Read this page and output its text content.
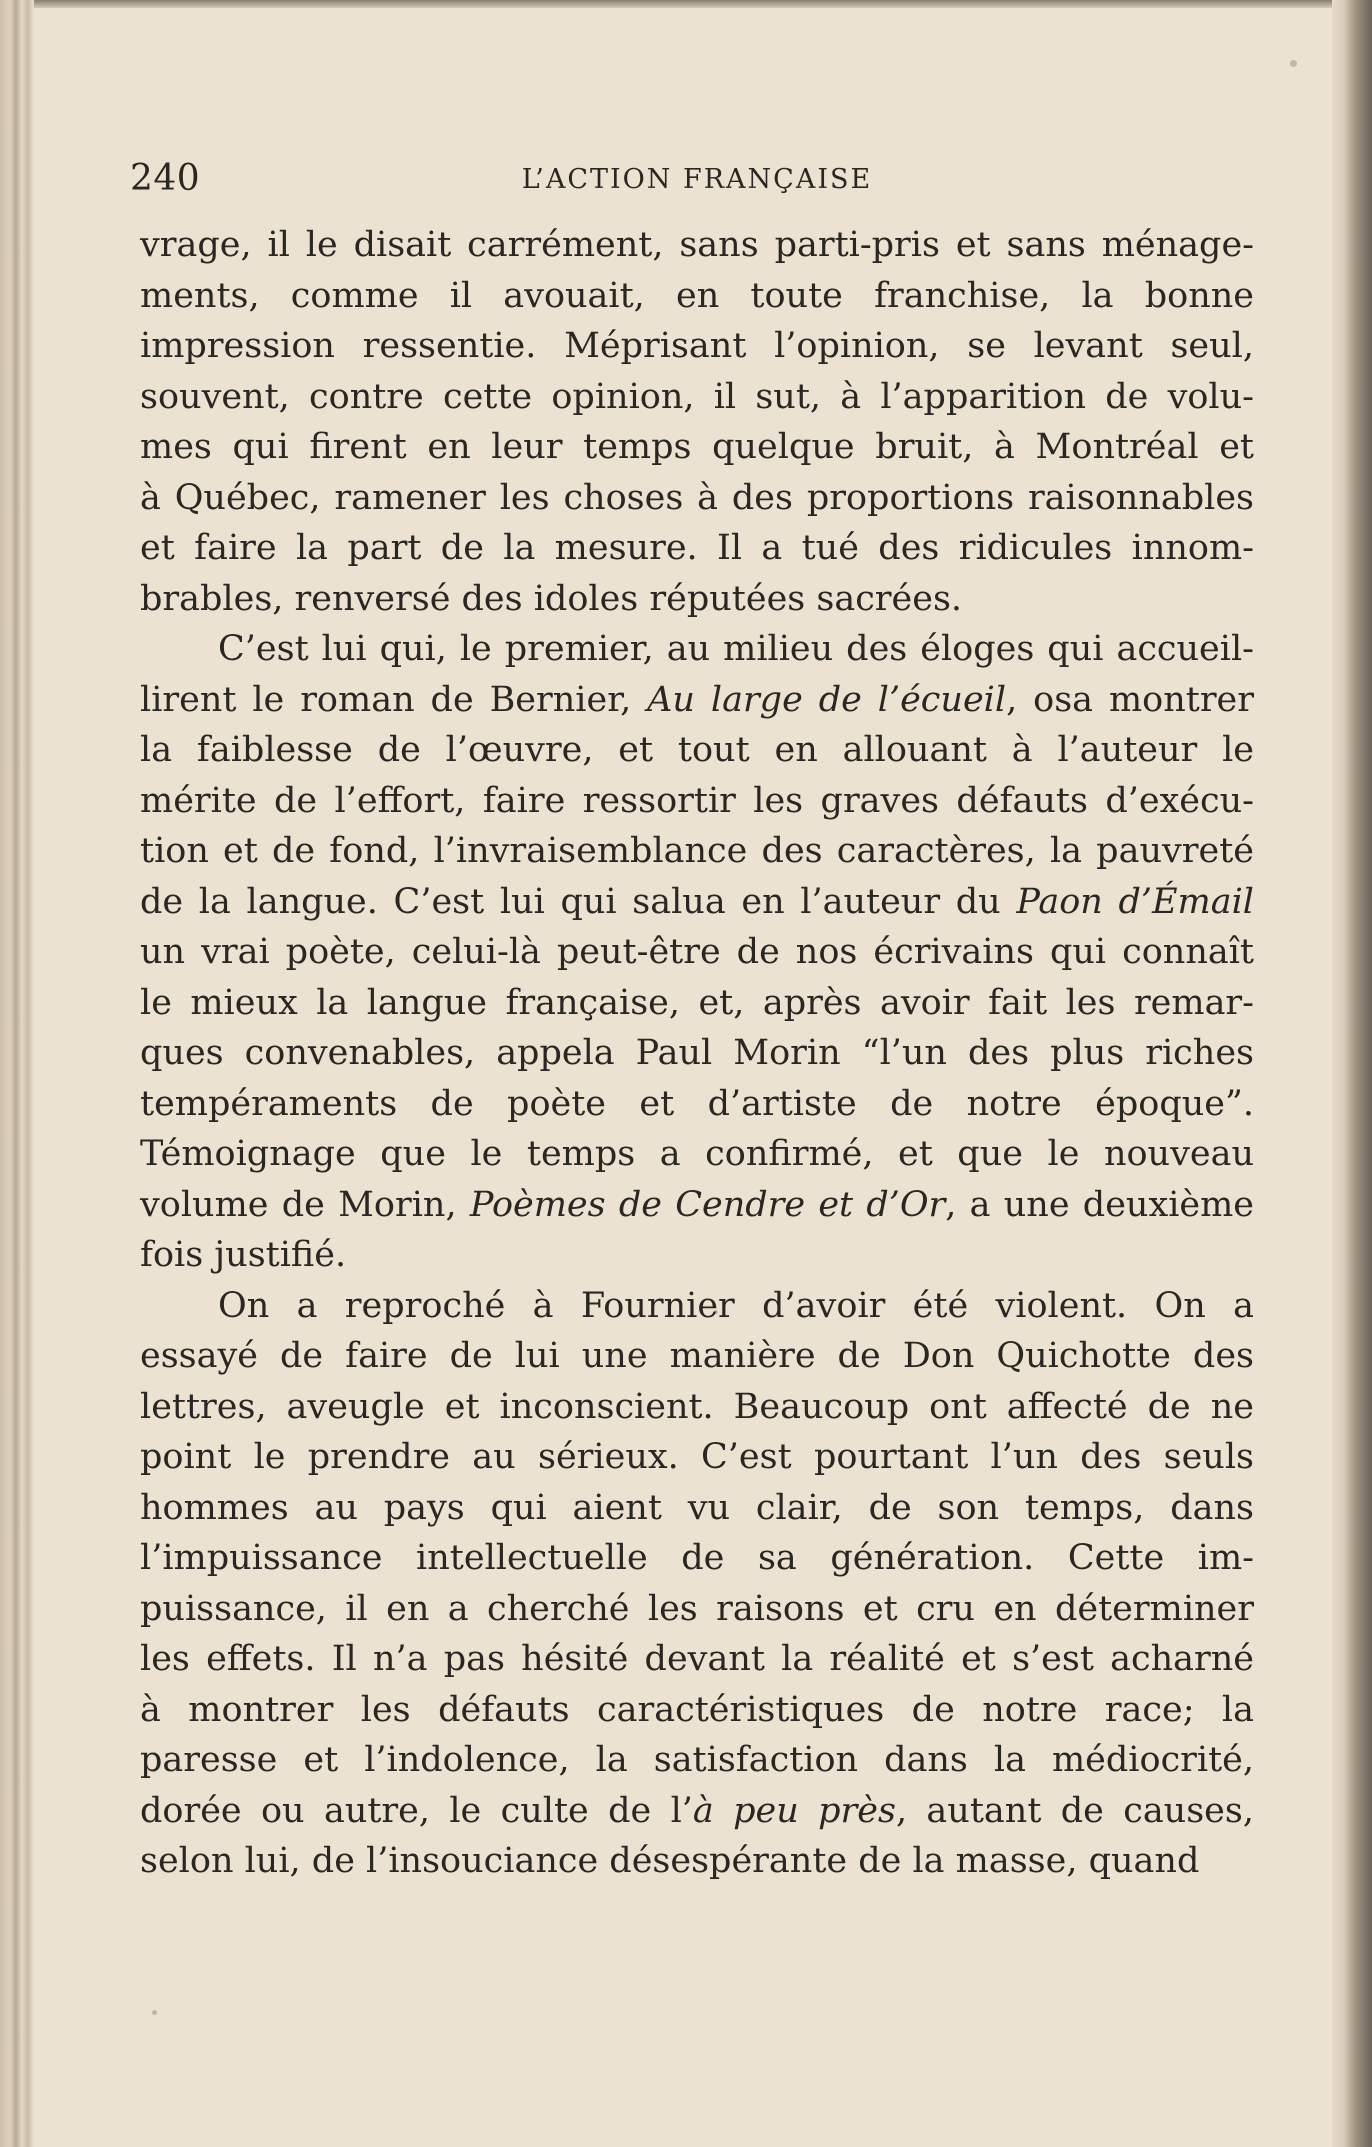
240	L’ACTION FRANÇAISE
vrage, il le disait carrément, sans parti-pris et sans ménage-
ments, comme il avouait, en toute franchise, la bonne
impression ressentie. Méprisant l’opinion, se levant seul,
souvent, contre cette opinion, il sut, à l’apparition de volu-
mes qui firent en leur temps quelque bruit, à Montréal et
à Québec, ramener les choses à des proportions raisonnables
et faire la part de la mesure. Il a tué des ridicules innom-
brables, renversé des idoles réputées sacrées.
C’est lui qui, le premier, au milieu des éloges qui accueil-
lirent le roman de Bernier, Au large de l’écueil, osa montrer
la faiblesse de l’œuvre, et tout en allouant à l’auteur le
mérite de l’effort, faire ressortir les graves défauts d’exécu-
tion et de fond, l’invraisemblance des caractères, la pauvreté
de la langue. C’est lui qui salua en l’auteur du Paon d’Émail
un vrai poète, celui-là peut-être de nos écrivains qui connaît
le mieux la langue française, et, après avoir fait les remar-
ques convenables, appela Paul Morin “l’un des plus riches
tempéraments de poète et d’artiste de notre époque”.
Témoignage que le temps a confirmé, et que le nouveau
volume de Morin, Poèmes de Cendre et d’Or, a une deuxième
fois justifié.
On a reproché à Fournier d’avoir été violent. On a
essayé de faire de lui une manière de Don Quichotte des
lettres, aveugle et inconscient. Beaucoup ont affecté de ne
point le prendre au sérieux. C’est pourtant l’un des seuls
hommes au pays qui aient vu clair, de son temps, dans
l’impuissance intellectuelle de sa génération. Cette im-
puissance, il en a cherché les raisons et cru en déterminer
les effets. Il n’a pas hésité devant la réalité et s’est acharné
à montrer les défauts caractéristiques de notre race; la
paresse et l’indolence, la satisfaction dans la médiocrité,
dorée ou autre, le culte de l’à peu près, autant de causes,
selon lui, de l’insouciance désespérante de la masse, quand
